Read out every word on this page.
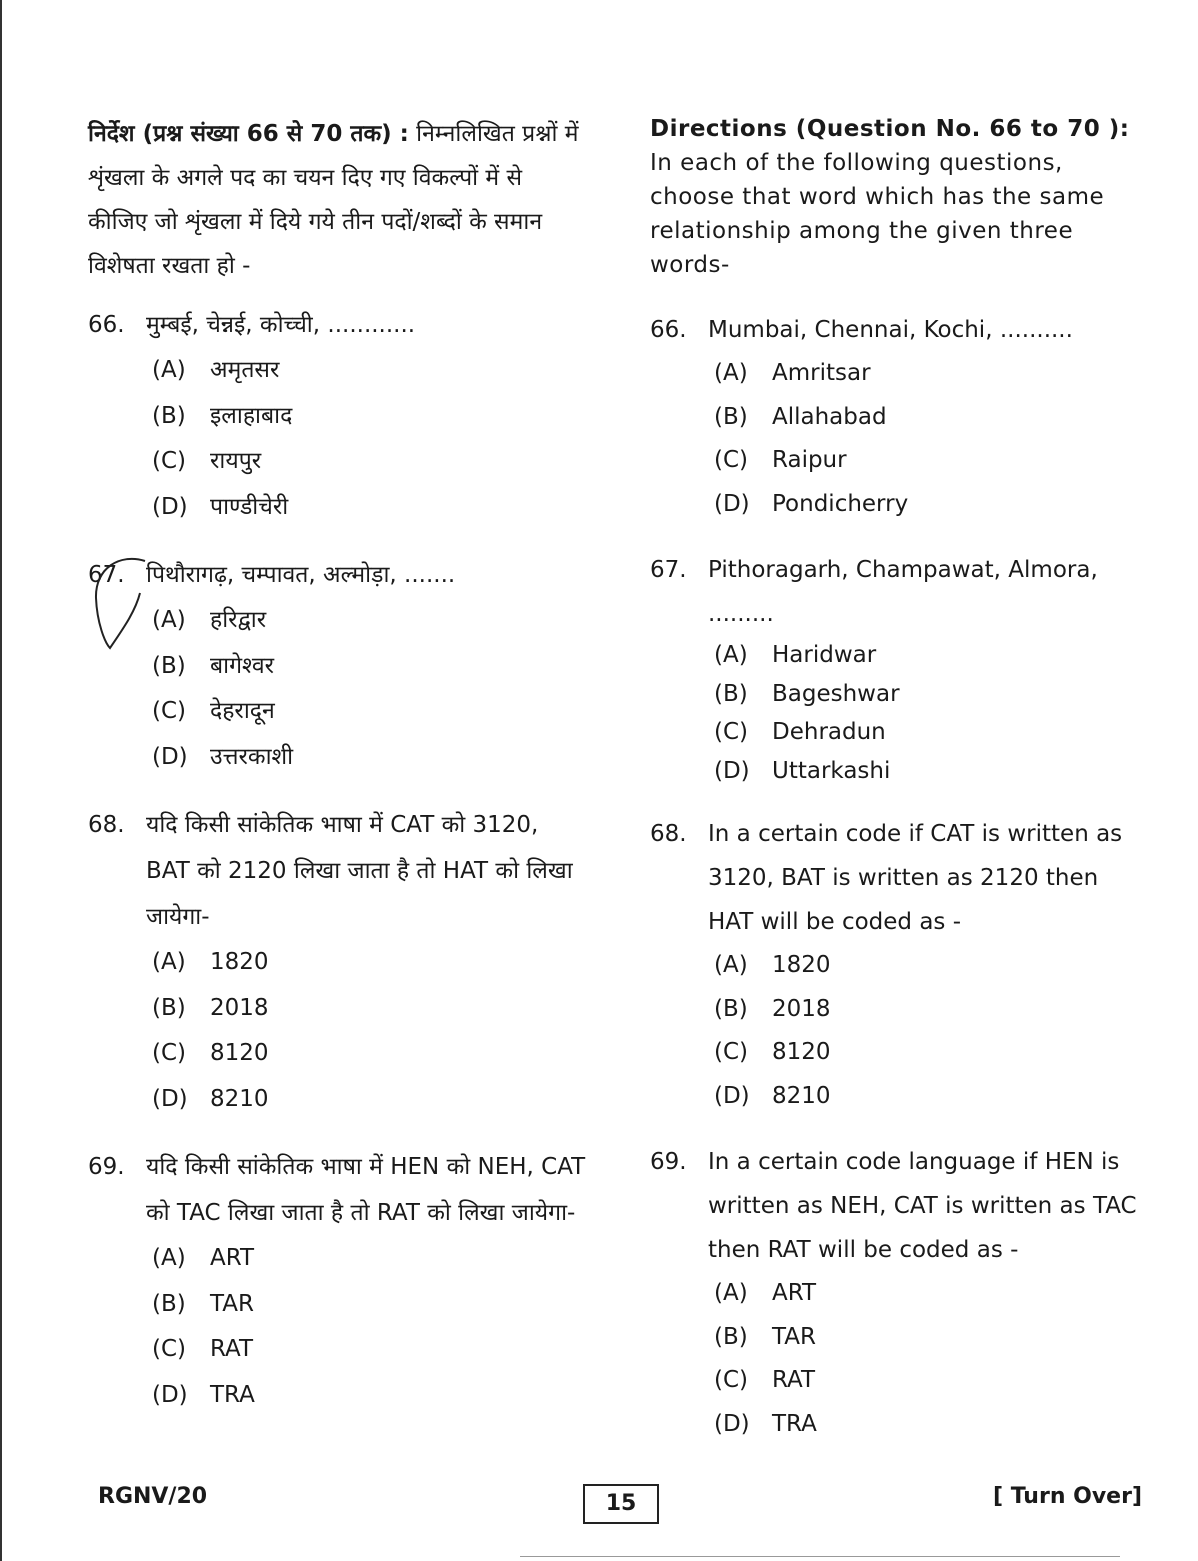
निर्देश (प्रश्न संख्या 66 से 70 तक) : निम्नलिखित प्रश्नों में शृंखला के अगले पद का चयन दिए गए विकल्पों में से कीजिए जो शृंखला में दिये गये तीन पदों/शब्दों के समान विशेषता रखता हो -

66. मुम्बई, चेन्नई, कोच्ची, ............
(A)	अमृतसर
(B)	इलाहाबाद
(C)	रायपुर
(D) पाण्डीचेरी
67. पिथौरागढ़, चम्पावत, अल्मोड़ा, .......
(A)	हरिद्वार
(B)	बागेश्वर
(C)	देहरादून
(D) उत्तरकाशी
68. यदि किसी सांकेतिक भाषा में CAT को 3120, BAT को 2120 लिखा जाता है तो HAT को लिखा जायेगा-
(A)	1820
(B)	2018
(C)	8120
(D) 8210
69. यदि किसी सांकेतिक भाषा में HEN को NEH, CAT को TAC लिखा जाता है तो RAT को लिखा जायेगा-
(A)	ART
(B)	TAR
(C)	RAT
(D) TRA

Directions (Question No. 66 to 70 ): In each of the following questions, choose that word which has the same relationship among the given three words-

66. Mumbai, Chennai, Kochi, ..........
(A)	Amritsar
(B)	Allahabad
(C)	Raipur
(D) Pondicherry
67. Pithoragarh, Champawat, Almora, .........
(A)	Haridwar
(B)	Bageshwar
(C)	Dehradun
(D) Uttarkashi
68. In a certain code if CAT is written as 3120, BAT is written as 2120 then HAT will be coded as -
(A)	1820
(B)	2018
(C)	8120
(D) 8210
69. In a certain code language if HEN is written as NEH, CAT is written as TAC then RAT will be coded as -
(A)	ART
(B)	TAR
(C)	RAT
(D) TRA
RGNV/20	15	[ Turn Over]
